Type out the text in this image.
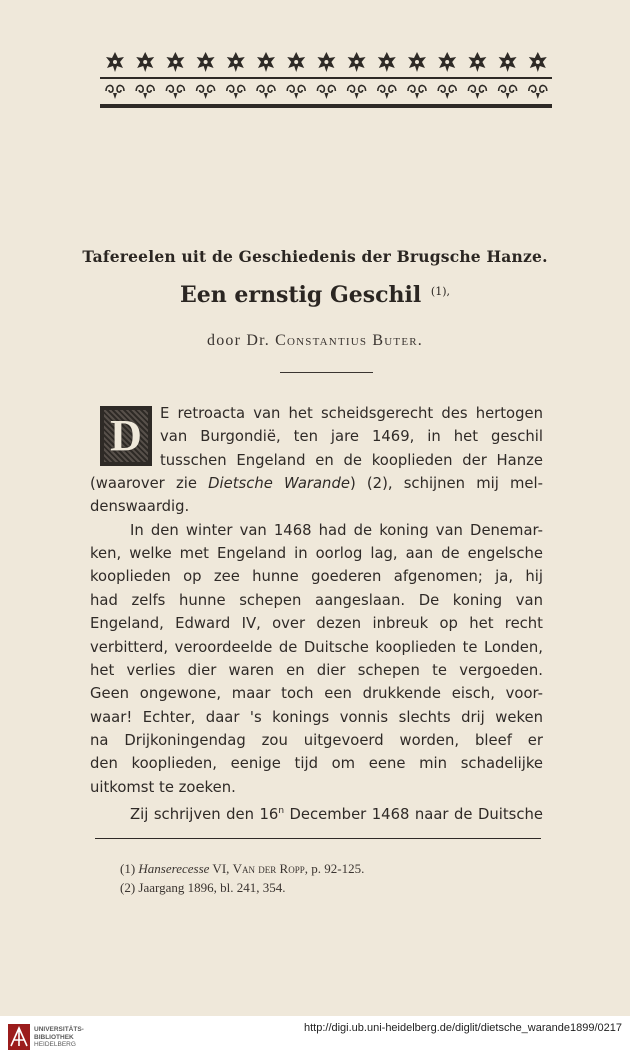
Tafereelen uit de Geschiedenis der Brugsche Hanze.
Een ernstig Geschil $^{(1),}$
door Dr. Constantius Buter.
D	E retroacta van het scheidsgerecht des hertogen
van Burgondië, ten jare 1469, in het geschil
tusschen Engeland en de kooplieden der Hanze
(waarover zie Dietsche Warande) (2), schijnen mij mel-
denswaardig.
In den winter van 1468 had de koning van Denemar-
ken, welke met Engeland in oorlog lag, aan de engelsche
kooplieden op zee hunne goederen afgenomen; ja, hij
had zelfs hunne schepen aangeslaan. De koning van
Engeland, Edward IV, over dezen inbreuk op het recht
verbitterd, veroordeelde de Duitsche kooplieden te Londen,
het verlies dier waren en dier schepen te vergoeden.
Geen ongewone, maar toch een drukkende eisch, voor-
waar! Echter, daar 's konings vonnis slechts drij weken
na Drijkoningendag zou uitgevoerd worden, bleef er
den kooplieden, eenige tijd om eene min schadelijke
uitkomst te zoeken.
Zij schrijven den 16$^n$ December 1468 naar de Duitsche
(1) Hanserecesse VI, Van der Ropp, p. 92-125.
(2) Jaargang 1896, bl. 241, 354.
UNIVERSITÄTS-
BIBLIOTHEK
HEIDELBERG
http://digi.ub.uni-heidelberg.de/diglit/dietsche_warande1899/0217
